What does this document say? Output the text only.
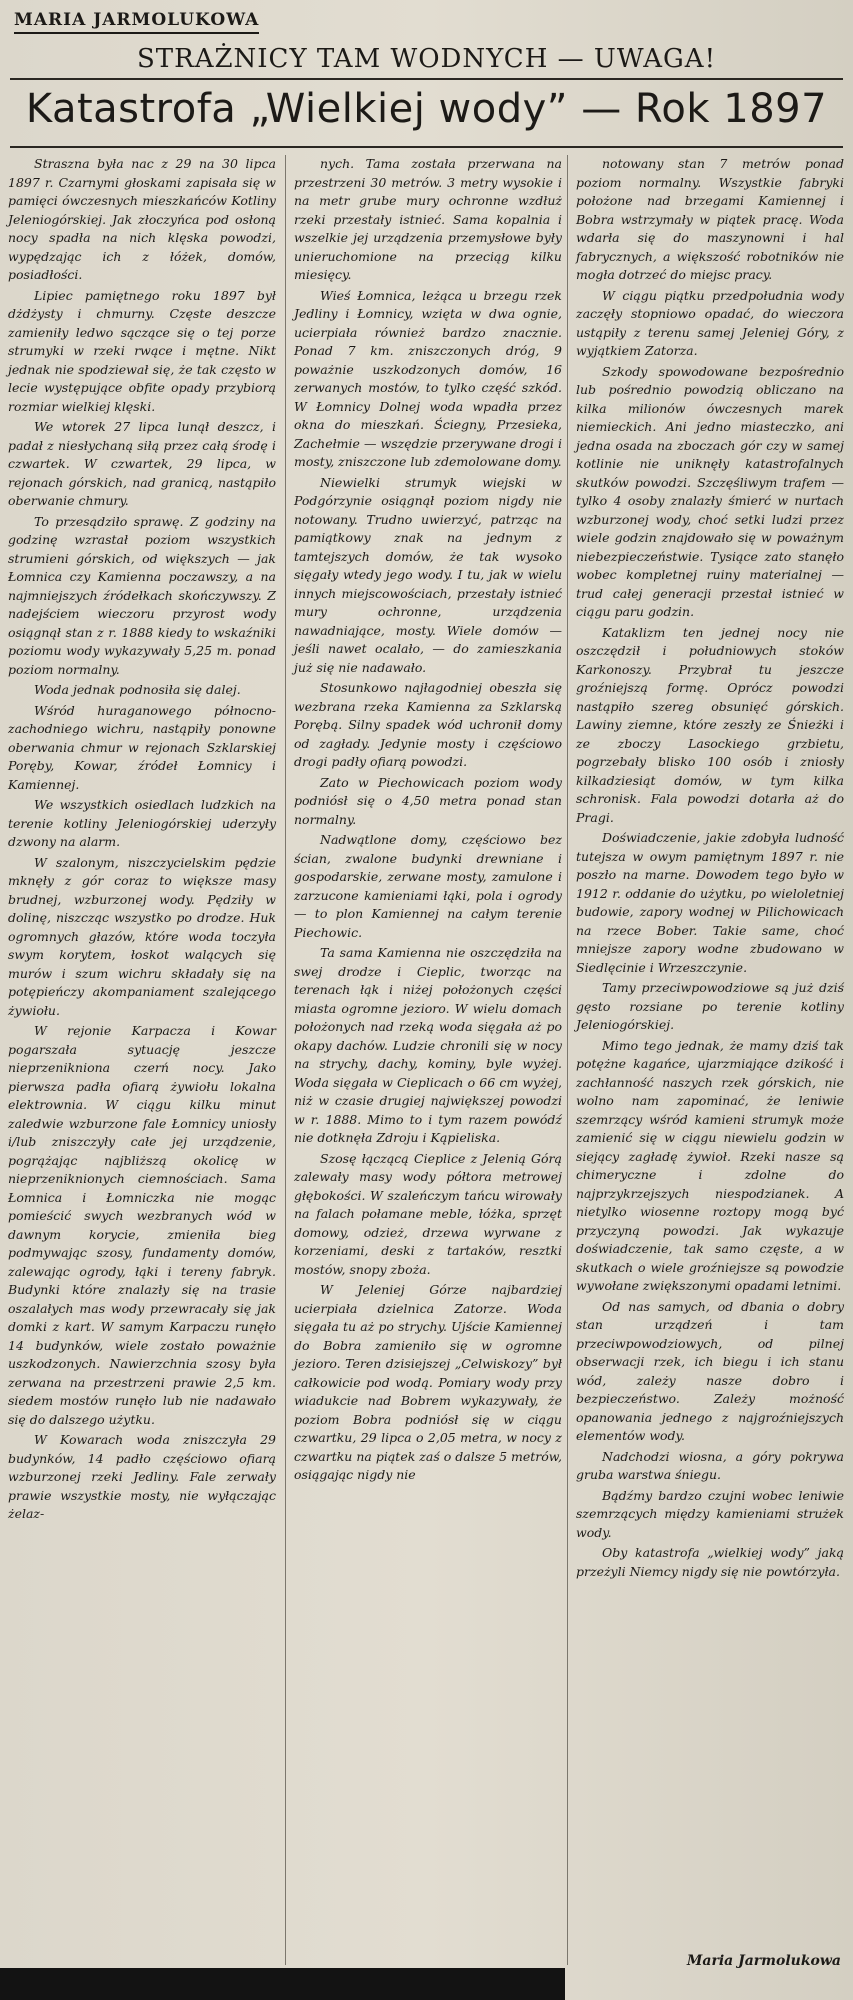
MARIA JARMOLUKOWA
STRAŻNICY TAM WODNYCH — UWAGA!
Katastrofa „Wielkiej wody” — Rok 1897

Straszna była nac z 29 na 30 lipca 1897 r. Czarnymi głoskami zapisała się w pamięci ówczesnych mieszkańców Kotliny Jeleniogórskiej. Jak złoczyńca pod osłoną nocy spadła na nich klęska powodzi, wypędzając ich z łóżek, domów, posiadłości.

Lipiec pamiętnego roku 1897 był dżdżysty i chmurny. Częste deszcze zamieniły ledwo sączące się o tej porze strumyki w rzeki rwące i mętne. Nikt jednak nie spodziewał się, że tak często w lecie występujące obfite opady przybiorą rozmiar wielkiej klęski.

We wtorek 27 lipca lunął deszcz, i padał z niesłychaną siłą przez całą środę i czwartek. W czwartek, 29 lipca, w rejonach górskich, nad granicą, nastąpiło oberwanie chmury.

To przesądziło sprawę. Z godziny na godzinę wzrastał poziom wszystkich strumieni górskich, od większych — jak Łomnica czy Kamienna poczawszy, a na najmniejszych źródełkach skończywszy. Z nadejściem wieczoru przyrost wody osiągnął stan z r. 1888 kiedy to wskaźniki poziomu wody wykazywały 5,25 m. ponad poziom normalny.

Woda jednak podnosiła się dalej.

Wśród huraganowego północno-zachodniego wichru, nastąpiły ponowne oberwania chmur w rejonach Szklarskiej Poręby, Kowar, źródeł Łomnicy i Kamiennej.

We wszystkich osiedlach ludzkich na terenie kotliny Jeleniogórskiej uderzyły dzwony na alarm.

W szalonym, niszczycielskim pędzie mknęły z gór coraz to większe masy brudnej, wzburzonej wody. Pędziły w dolinę, niszcząc wszystko po drodze. Huk ogromnych głazów, które woda toczyła swym korytem, łoskot walących się murów i szum wichru składały się na potępieńczy akompaniament szalejącego żywiołu.

W rejonie Karpacza i Kowar pogarszała sytuację jeszcze nieprzenikniona czerń nocy. Jako pierwsza padła ofiarą żywiołu lokalna elektrownia. W ciągu kilku minut zaledwie wzburzone fale Łomnicy uniosły i/lub zniszczyły całe jej urządzenie, pogrążając najbliższą okolicę w nieprzeniknionych ciemnościach. Sama Łomnica i Łomniczka nie mogąc pomieścić swych wezbranych wód w dawnym korycie, zmieniła bieg podmywając szosy, fundamenty domów, zalewając ogrody, łąki i tereny fabryk. Budynki które znalazły się na trasie oszalałych mas wody przewracały się jak domki z kart. W samym Karpaczu runęło 14 budynków, wiele zostało poważnie uszkodzonych. Nawierzchnia szosy była zerwana na przestrzeni prawie 2,5 km. siedem mostów runęło lub nie nadawało się do dalszego użytku.

W Kowarach woda zniszczyła 29 budynków, 14 padło częściowo ofiarą wzburzonej rzeki Jedliny. Fale zerwały prawie wszystkie mosty, nie wyłączając żelaz-

nych. Tama została przerwana na przestrzeni 30 metrów. 3 metry wysokie i na metr grube mury ochronne wzdłuż rzeki przestały istnieć. Sama kopalnia i wszelkie jej urządzenia przemysłowe były unieruchomione na przeciąg kilku miesięcy.

Wieś Łomnica, leżąca u brzegu rzek Jedliny i Łomnicy, wzięta w dwa ognie, ucierpiała również bardzo znacznie. Ponad 7 km. zniszczonych dróg, 9 poważnie uszkodzonych domów, 16 zerwanych mostów, to tylko część szkód. W Łomnicy Dolnej woda wpadła przez okna do mieszkań. Ściegny, Przesieka, Zachełmie — wszędzie przerywane drogi i mosty, zniszczone lub zdemolowane domy.

Niewielki strumyk wiejski w Podgórzynie osiągnął poziom nigdy nie notowany. Trudno uwierzyć, patrząc na pamiątkowy znak na jednym z tamtejszych domów, że tak wysoko sięgały wtedy jego wody. I tu, jak w wielu innych miejscowościach, przestały istnieć mury ochronne, urządzenia nawadniające, mosty. Wiele domów — jeśli nawet ocalało, — do zamieszkania już się nie nadawało.

Stosunkowo najłagodniej obeszła się wezbrana rzeka Kamienna za Szklarską Porębą. Silny spadek wód uchronił domy od zagłady. Jedynie mosty i częściowo drogi padły ofiarą powodzi.

Zato w Piechowicach poziom wody podniósł się o 4,50 metra ponad stan normalny.

Nadwątlone domy, częściowo bez ścian, zwalone budynki drewniane i gospodarskie, zerwane mosty, zamulone i zarzucone kamieniami łąki, pola i ogrody — to plon Kamiennej na całym terenie Piechowic.

Ta sama Kamienna nie oszczędziła na swej drodze i Cieplic, tworząc na terenach łąk i niżej położonych części miasta ogromne jezioro. W wielu domach położonych nad rzeką woda sięgała aż po okapy dachów. Ludzie chronili się w nocy na strychy, dachy, kominy, byle wyżej. Woda sięgała w Cieplicach o 66 cm wyżej, niż w czasie drugiej największej powodzi w r. 1888. Mimo to i tym razem powódź nie dotknęła Zdroju i Kąpieliska.

Szosę łączącą Cieplice z Jelenią Górą zalewały masy wody półtora metrowej głębokości. W szaleńczym tańcu wirowały na falach połamane meble, łóżka, sprzęt domowy, odzież, drzewa wyrwane z korzeniami, deski z tartaków, resztki mostów, snopy zboża.

W Jeleniej Górze najbardziej ucierpiała dzielnica Zatorze. Woda sięgała tu aż po strychy. Ujście Kamiennej do Bobra zamieniło się w ogromne jezioro. Teren dzisiejszej „Celwiskozy” był całkowicie pod wodą. Pomiary wody przy wiadukcie nad Bobrem wykazywały, że poziom Bobra podniósł się w ciągu czwartku, 29 lipca o 2,05 metra, w nocy z czwartku na piątek zaś o dalsze 5 metrów, osiągając nigdy nie

notowany stan 7 metrów ponad poziom normalny. Wszystkie fabryki położone nad brzegami Kamiennej i Bobra wstrzymały w piątek pracę. Woda wdarła się do maszynowni i hal fabrycznych, a większość robotników nie mogła dotrzeć do miejsc pracy.

W ciągu piątku przedpołudnia wody zaczęły stopniowo opadać, do wieczora ustąpiły z terenu samej Jeleniej Góry, z wyjątkiem Zatorza.

Szkody spowodowane bezpośrednio lub pośrednio powodzią obliczano na kilka milionów ówczesnych marek niemieckich. Ani jedno miasteczko, ani jedna osada na zboczach gór czy w samej kotlinie nie uniknęły katastrofalnych skutków powodzi. Szczęśliwym trafem — tylko 4 osoby znalazły śmierć w nurtach wzburzonej wody, choć setki ludzi przez wiele godzin znajdowało się w poważnym niebezpieczeństwie. Tysiące zato stanęło wobec kompletnej ruiny materialnej — trud całej generacji przestał istnieć w ciągu paru godzin.

Kataklizm ten jednej nocy nie oszczędził i południowych stoków Karkonoszy. Przybrał tu jeszcze groźniejszą formę. Oprócz powodzi nastąpiło szereg obsunięć górskich. Lawiny ziemne, które zeszły ze Śnieżki i ze zboczy Lasockiego grzbietu, pogrzebały blisko 100 osób i zniosły kilkadziesiąt domów, w tym kilka schronisk. Fala powodzi dotarła aż do Pragi.

Doświadczenie, jakie zdobyła ludność tutejsza w owym pamiętnym 1897 r. nie poszło na marne. Dowodem tego było w 1912 r. oddanie do użytku, po wieloletniej budowie, zapory wodnej w Pilichowicach na rzece Bober. Takie same, choć mniejsze zapory wodne zbudowano w Siedlęcinie i Wrzeszczynie.

Tamy przeciwpowodziowe są już dziś gęsto rozsiane po terenie kotliny Jeleniogórskiej.

Mimo tego jednak, że mamy dziś tak potężne kagańce, ujarzmiające dzikość i zachłanność naszych rzek górskich, nie wolno nam zapominać, że leniwie szemrzący wśród kamieni strumyk może zamienić się w ciągu niewielu godzin w siejący zagładę żywioł. Rzeki nasze są chimeryczne i zdolne do najprzykrzejszych niespodzianek. A nietylko wiosenne roztopy mogą być przyczyną powodzi. Jak wykazuje doświadczenie, tak samo częste, a w skutkach o wiele groźniejsze są powodzie wywołane zwiększonymi opadami letnimi.

Od nas samych, od dbania o dobry stan urządzeń i tam przeciwpowodziowych, od pilnej obserwacji rzek, ich biegu i ich stanu wód, zależy nasze dobro i bezpieczeństwo. Zależy możność opanowania jednego z najgroźniejszych elementów wody.

Nadchodzi wiosna, a góry pokrywa gruba warstwa śniegu.

Bądźmy bardzo czujni wobec leniwie szemrzących między kamieniami strużek wody.

Oby katastrofa „wielkiej wody” jaką przeżyli Niemcy nigdy się nie powtórzyła.

Maria Jarmolukowa
